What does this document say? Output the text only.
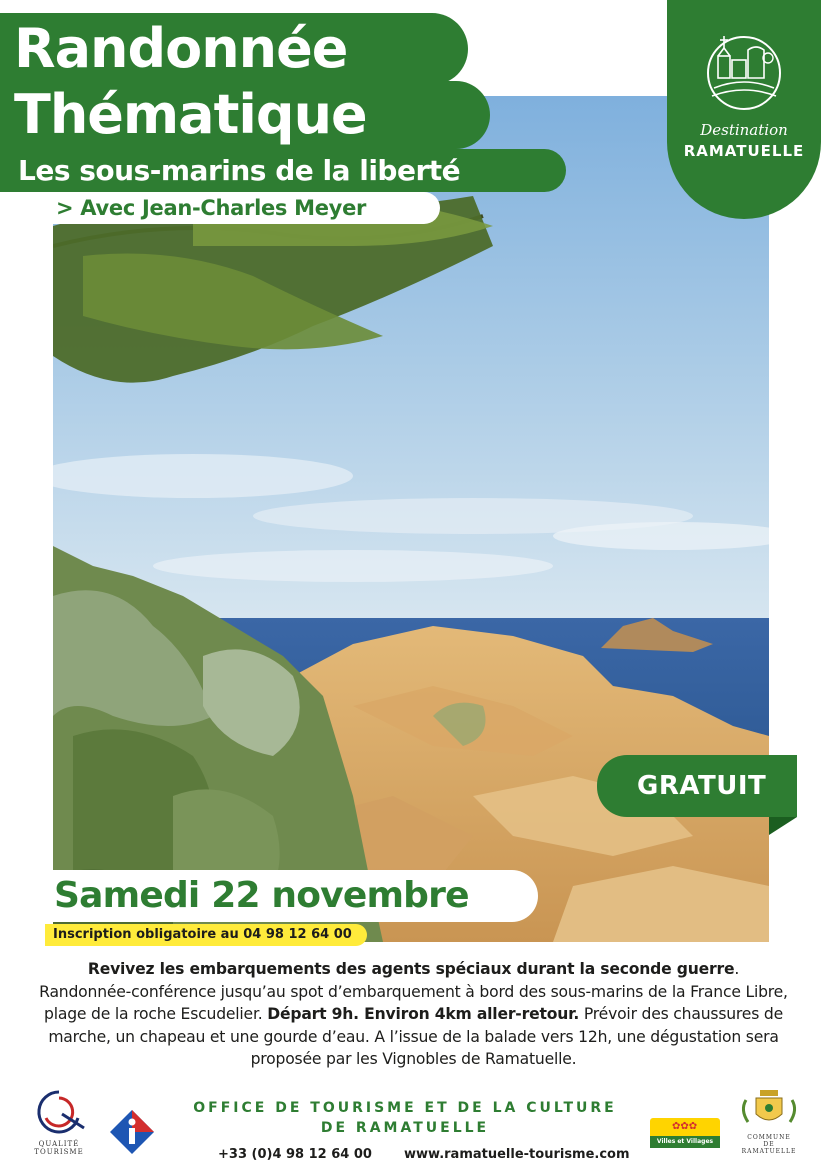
Randonnée
Thématique
Les sous-marins de la liberté
> Avec Jean-Charles Meyer
Destination
RAMATUELLE
GRATUIT
Samedi 22 novembre
Inscription obligatoire au 04 98 12 64 00
Revivez les embarquements des agents spéciaux durant la seconde guerre.
Randonnée-conférence jusqu’au spot d’embarquement à bord des sous-marins de la France Libre, plage de la roche Escudelier. Départ 9h. Environ 4km aller-retour. Prévoir des chaussures de marche, un chapeau et une gourde d’eau. A l’issue de la balade vers 12h, une dégustation sera proposée par les Vignobles de Ramatuelle.
QUALITÉ
TOURISME
OFFICE DE TOURISME ET DE LA CULTURE
DE RAMATUELLE
+33 (0)4 98 12 64 00 www.ramatuelle-tourisme.com
✿✿✿
Villes et Villages Fleuris
COMMUNE
DE
RAMATUELLE
